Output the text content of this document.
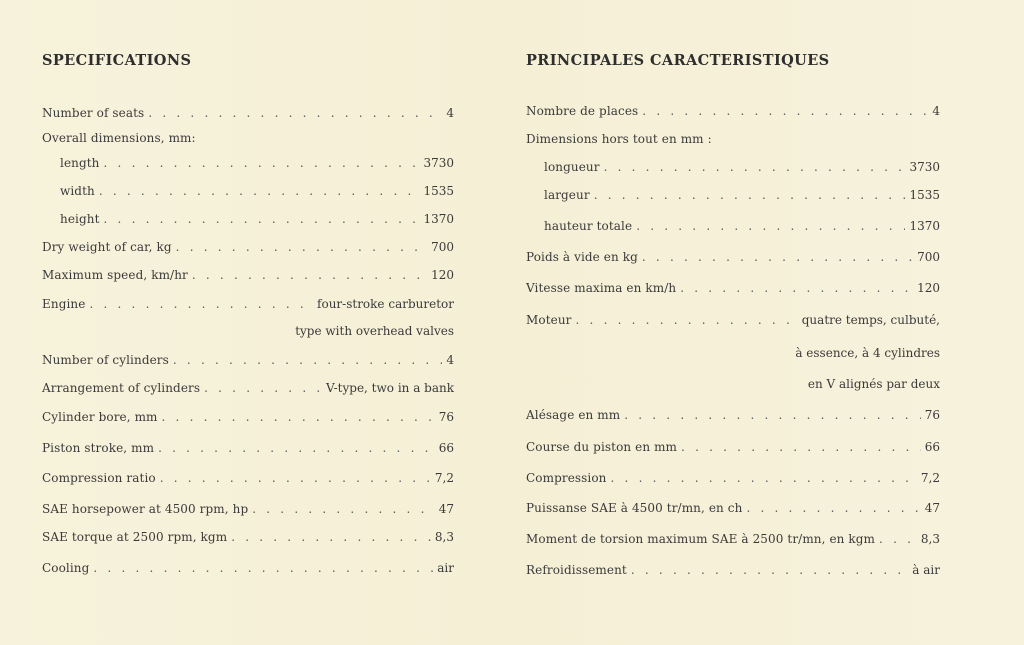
SPECIFICATIONS
Number of seats . . .	4
Overall dimensions, mm:
length . . .	3730
width . . .	1535
height . . .	1370
Dry weight of car, kg . . .	700
Maximum speed, km/hr . . .	120
Engine . . .	four-stroke carburetor
type with overhead valves
Number of cylinders . . .	4
Arrangement of cylinders . . .	V-type, two in a bank
Cylinder bore, mm . . .	76
Piston stroke, mm . . .	66
Compression ratio . . .	7,2
SAE horsepower at 4500 rpm, hp . . .	47
SAE torque at 2500 rpm, kgm . . .	8,3
Cooling . . .	air
PRINCIPALES CARACTERISTIQUES
Nombre de places . . .	4
Dimensions hors tout en mm :
longueur . . .	3730
largeur . . .	1535
hauteur totale . . .	1370
Poids à vide en kg . . .	700
Vitesse maxima en km/h . . .	120
Moteur . . .	quatre temps, culbuté,
à essence, à 4 cylindres
en V alignés par deux
Alésage en mm . . .	76
Course du piston en mm . . .	66
Compression . . .	7,2
Puissanse SAE à 4500 tr/mn, en ch . . .	47
Moment de torsion maximum SAE à 2500 tr/mn, en kgm . . .	8,3
Refroidissement . . .	à air
